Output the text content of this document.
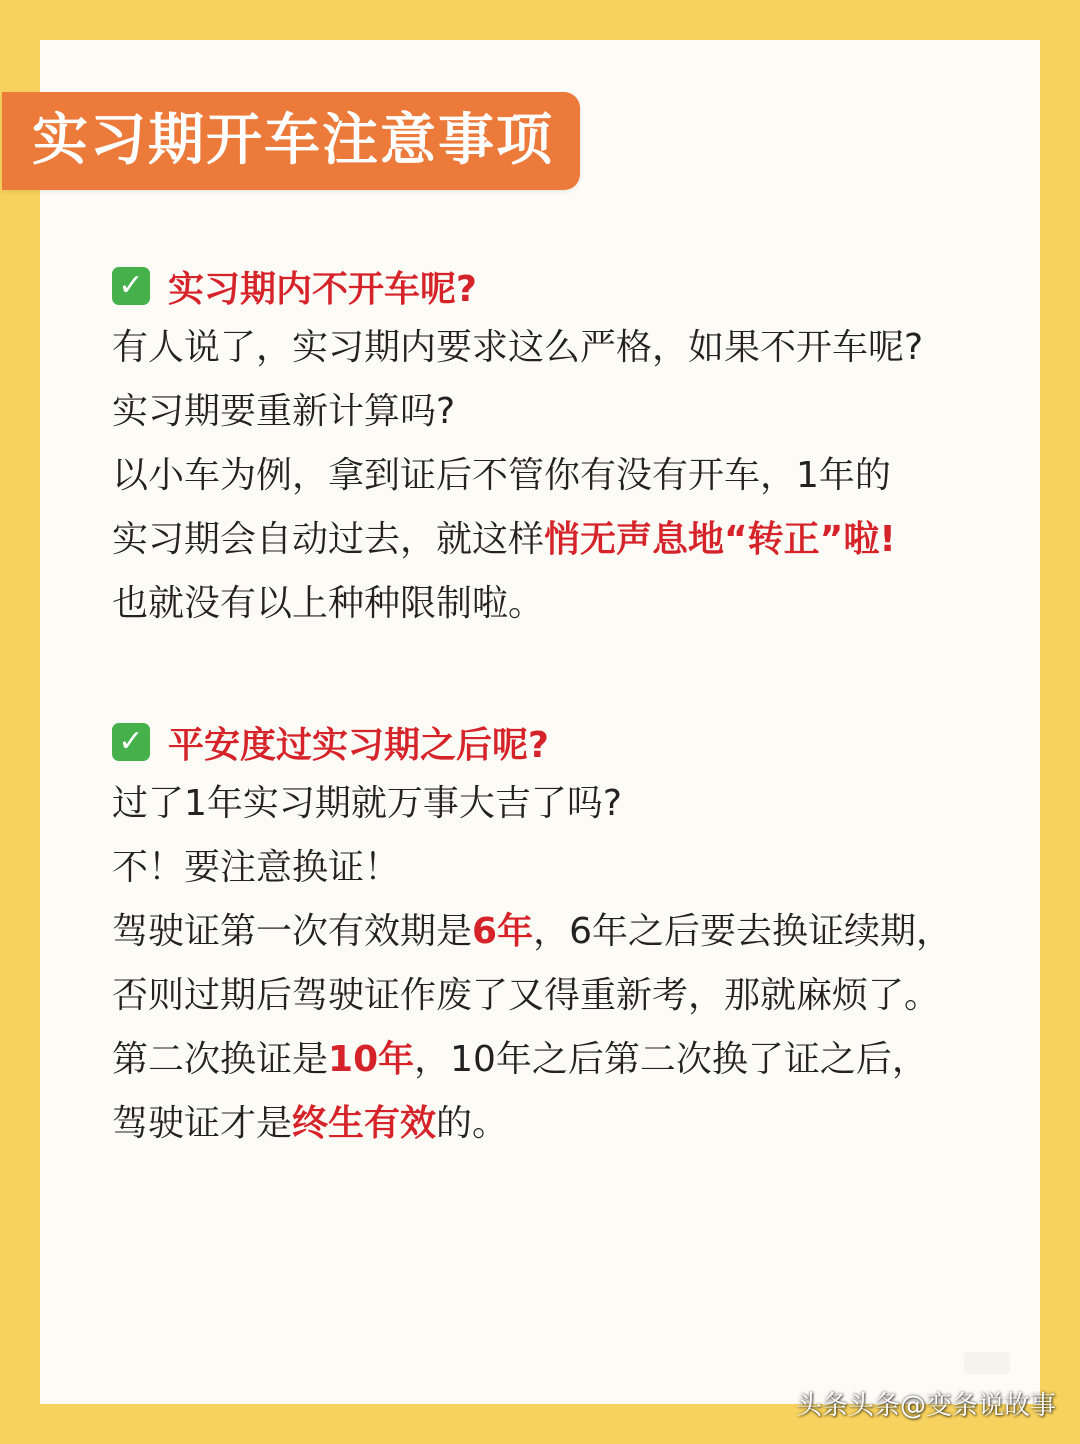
实习期开车注意事项
✓ 实习期内不开车呢?
有人说了，实习期内要求这么严格，如果不开车呢?
实习期要重新计算吗?
以小车为例，拿到证后不管你有没有开车，1年的
实习期会自动过去，就这样悄无声息地“转正”啦!
也就没有以上种种限制啦。
✓ 平安度过实习期之后呢?
过了1年实习期就万事大吉了吗?
不！要注意换证！
驾驶证第一次有效期是6年，6年之后要去换证续期，
否则过期后驾驶证作废了又得重新考，那就麻烦了。
第二次换证是10年，10年之后第二次换了证之后，
驾驶证才是终生有效的。
头条头条@变条说故事
